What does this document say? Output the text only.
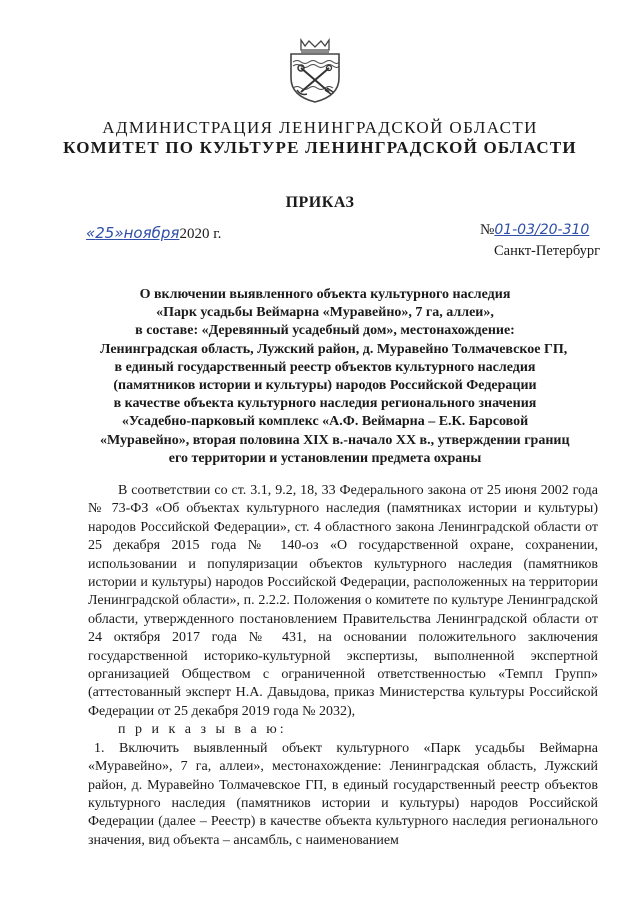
АДМИНИСТРАЦИЯ ЛЕНИНГРАДСКОЙ ОБЛАСТИ
КОМИТЕТ ПО КУЛЬТУРЕ ЛЕНИНГРАДСКОЙ ОБЛАСТИ
ПРИКАЗ
«25»ноября2020 г.	№01-03/20-310
Санкт-Петербург
О включении выявленного объекта культурного наследия
«Парк усадьбы Веймарна «Муравейно», 7 га, аллеи»,
в составе: «Деревянный усадебный дом», местонахождение:
Ленинградская область, Лужский район, д. Муравейно Толмачевское ГП,
в единый государственный реестр объектов культурного наследия
(памятников истории и культуры) народов Российской Федерации
в качестве объекта культурного наследия регионального значения
«Усадебно-парковый комплекс «А.Ф. Веймарна – Е.К. Барсовой
«Муравейно», вторая половина XIX в.-начало XX в., утверждении границ
его территории и установлении предмета охраны

В соответствии со ст. 3.1, 9.2, 18, 33 Федерального закона от 25 июня 2002 года № 73-ФЗ «Об объектах культурного наследия (памятниках истории и культуры) народов Российской Федерации», ст. 4 областного закона Ленинградской области от 25 декабря 2015 года № 140-оз «О государственной охране, сохранении, использовании и популяризации объектов культурного наследия (памятников истории и культуры) народов Российской Федерации, расположенных на территории Ленинградской области», п. 2.2.2. Положения о комитете по культуре Ленинградской области, утвержденного постановлением Правительства Ленинградской области от 24 октября 2017 года № 431, на основании положительного заключения государственной историко-культурной экспертизы, выполненной экспертной организацией Обществом с ограниченной ответственностью «Темпл Групп» (аттестованный эксперт Н.А. Давыдова, приказ Министерства культуры Российской Федерации от 25 декабря 2019 года № 2032),

п р и к а з ы в а ю:

1. Включить выявленный объект культурного «Парк усадьбы Веймарна «Муравейно», 7 га, аллеи», местонахождение: Ленинградская область, Лужский район, д. Муравейно Толмачевское ГП, в единый государственный реестр объектов культурного наследия (памятников истории и культуры) народов Российской Федерации (далее – Реестр) в качестве объекта культурного наследия регионального значения, вид объекта – ансамбль, с наименованием
